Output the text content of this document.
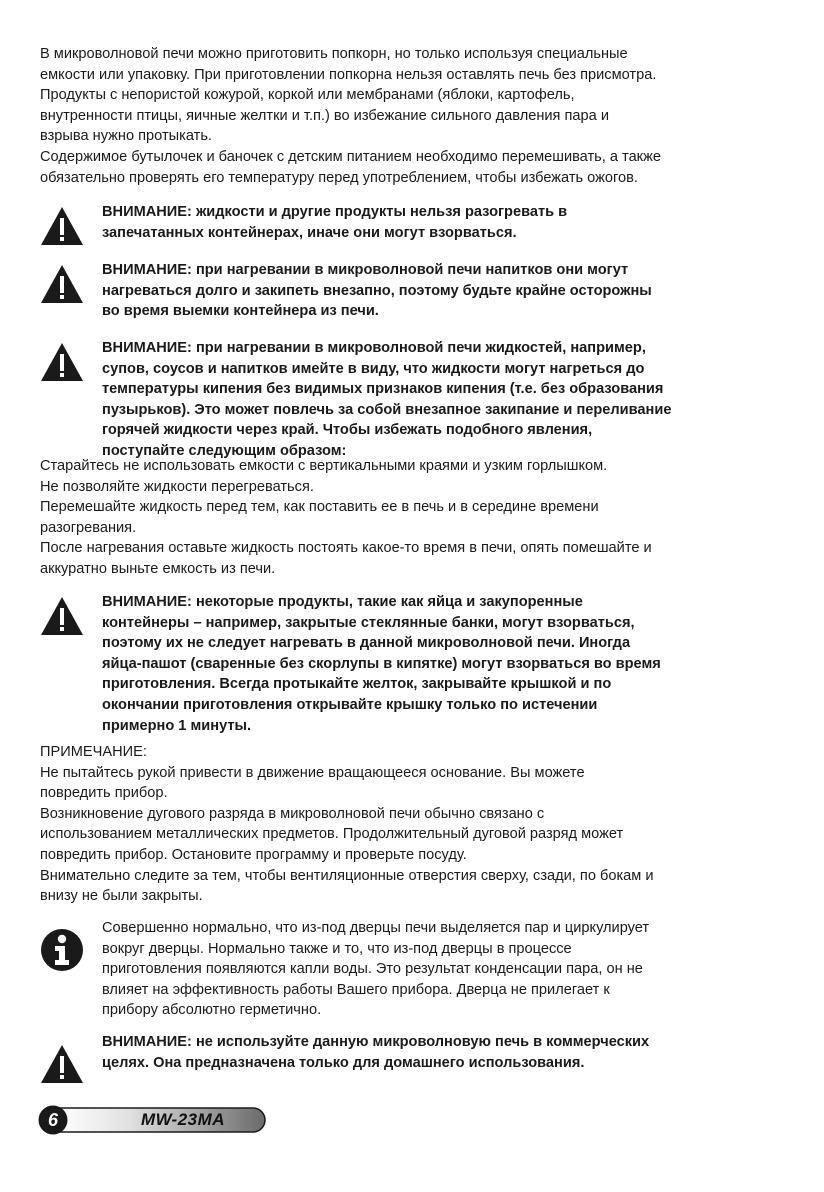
В микроволновой печи можно приготовить попкорн, но только используя специальные
емкости или упаковку. При приготовлении попкорна нельзя оставлять печь без присмотра.
Продукты с непористой кожурой, коркой или мембранами (яблоки, картофель,
внутренности птицы, яичные желтки и т.п.) во избежание сильного давления пара и
взрыва нужно протыкать.
Содержимое бутылочек и баночек с детским питанием необходимо перемешивать, а также
обязательно проверять его температуру перед употреблением, чтобы избежать ожогов.
ВНИМАНИЕ: жидкости и другие продукты нельзя разогревать в
запечатанных контейнерах, иначе они могут взорваться.
ВНИМАНИЕ: при нагревании в микроволновой печи напитков они могут
нагреваться долго и закипеть внезапно, поэтому будьте крайне осторожны
во время выемки контейнера из печи.
ВНИМАНИЕ: при нагревании в микроволновой печи жидкостей, например,
супов, соусов и напитков имейте в виду, что жидкости могут нагреться до
температуры кипения без видимых признаков кипения (т.е. без образования
пузырьков). Это может повлечь за собой внезапное закипание и переливание
горячей жидкости через край. Чтобы избежать подобного явления,
поступайте следующим образом:
Старайтесь не использовать емкости с вертикальными краями и узким горлышком.
Не позволяйте жидкости перегреваться.
Перемешайте жидкость перед тем, как поставить ее в печь и в середине времени
разогревания.
После нагревания оставьте жидкость постоять какое-то время в печи, опять помешайте и
аккуратно выньте емкость из печи.
ВНИМАНИЕ: некоторые продукты, такие как яйца и закупоренные
контейнеры – например, закрытые стеклянные банки, могут взорваться,
поэтому их не следует нагревать в данной микроволновой печи. Иногда
яйца-пашот (сваренные без скорлупы в кипятке) могут взорваться во время
приготовления. Всегда протыкайте желток, закрывайте крышкой и по
окончании приготовления открывайте крышку только по истечении
примерно 1 минуты.
ПРИМЕЧАНИЕ:
Не пытайтесь рукой привести в движение вращающееся основание. Вы можете
повредить прибор.
Возникновение дугового разряда в микроволновой печи обычно связано с
использованием металлических предметов. Продолжительный дуговой разряд может
повредить прибор. Остановите программу и проверьте посуду.
Внимательно следите за тем, чтобы вентиляционные отверстия сверху, сзади, по бокам и
внизу не были закрыты.
Совершенно нормально, что из-под дверцы печи выделяется пар и циркулирует
вокруг дверцы. Нормально также и то, что из-под дверцы в процессе
приготовления появляются капли воды. Это результат конденсации пара, он не
влияет на эффективность работы Вашего прибора. Дверца не прилегает к
прибору абсолютно герметично.
ВНИМАНИЕ: не используйте данную микроволновую печь в коммерческих
целях. Она предназначена только для домашнего использования.
6	MW-23MA
